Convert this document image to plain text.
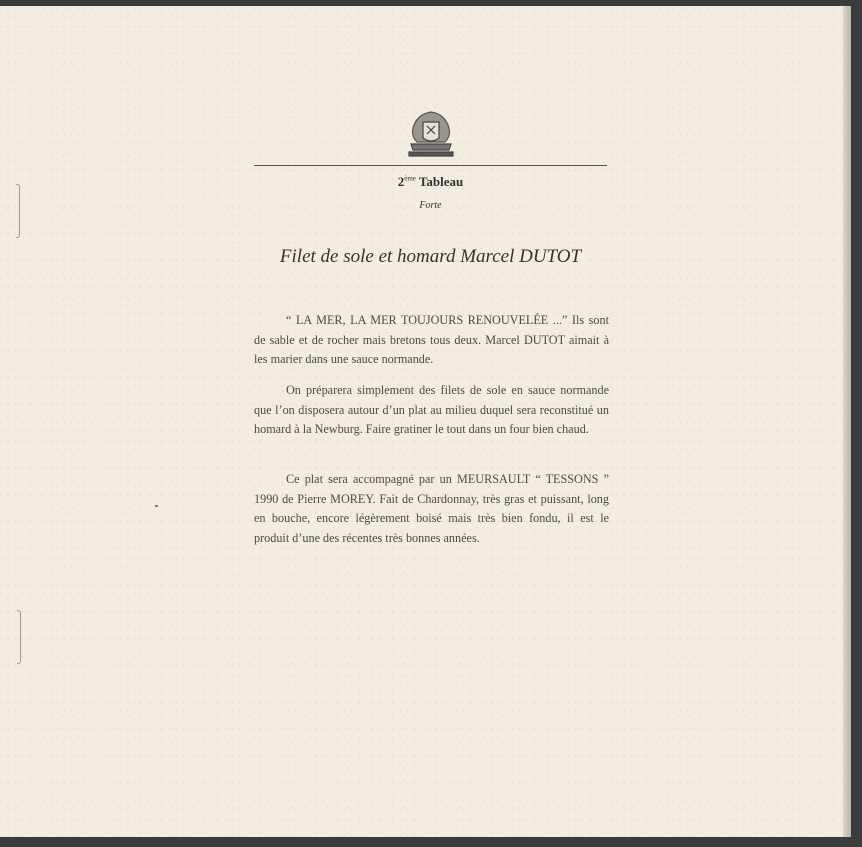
2ème Tableau
Forte
Filet de sole et homard Marcel DUTOT

“ LA MER, LA MER TOUJOURS RENOUVELÉE ...” Ils sont de sable et de rocher mais bretons tous deux. Marcel DUTOT aimait à les marier dans une sauce normande.

On préparera simplement des filets de sole en sauce normande que l’on disposera autour d’un plat au milieu duquel sera reconstitué un homard à la Newburg. Faire gratiner le tout dans un four bien chaud.

Ce plat sera accompagné par un MEURSAULT “ TESSONS ” 1990 de Pierre MOREY. Fait de Chardonnay, très gras et puissant, long en bouche, encore légèrement boisé mais très bien fondu, il est le produit d’une des récentes très bonnes années.
